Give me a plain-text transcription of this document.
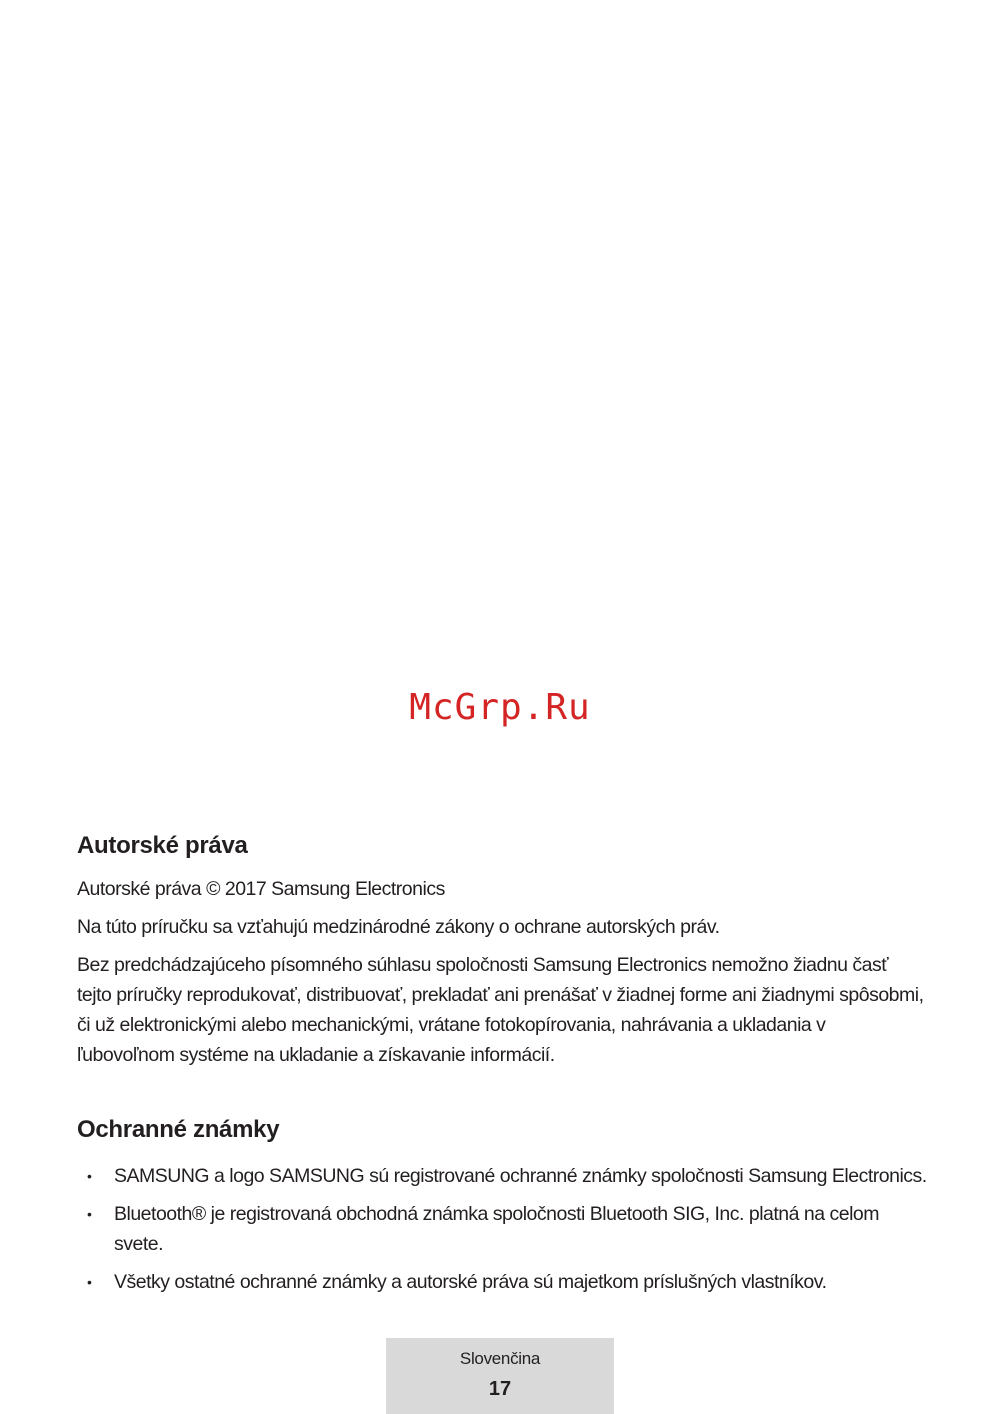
McGrp.Ru
Autorské práva

Autorské práva © 2017 Samsung Electronics

Na túto príručku sa vzťahujú medzinárodné zákony o ochrane autorských práv.

Bez predchádzajúceho písomného súhlasu spoločnosti Samsung Electronics nemožno žiadnu časť tejto príručky reprodukovať, distribuovať, prekladať ani prenášať v žiadnej forme ani žiadnymi spôsobmi, či už elektronickými alebo mechanickými, vrátane fotokopírovania, nahrávania a ukladania v ľubovoľnom systéme na ukladanie a získavanie informácií.

Ochranné známky
• SAMSUNG a logo SAMSUNG sú registrované ochranné známky spoločnosti Samsung Electronics.
• Bluetooth® je registrovaná obchodná známka spoločnosti Bluetooth SIG, Inc. platná na celom svete.
• Všetky ostatné ochranné známky a autorské práva sú majetkom príslušných vlastníkov.
Slovenčina
17
